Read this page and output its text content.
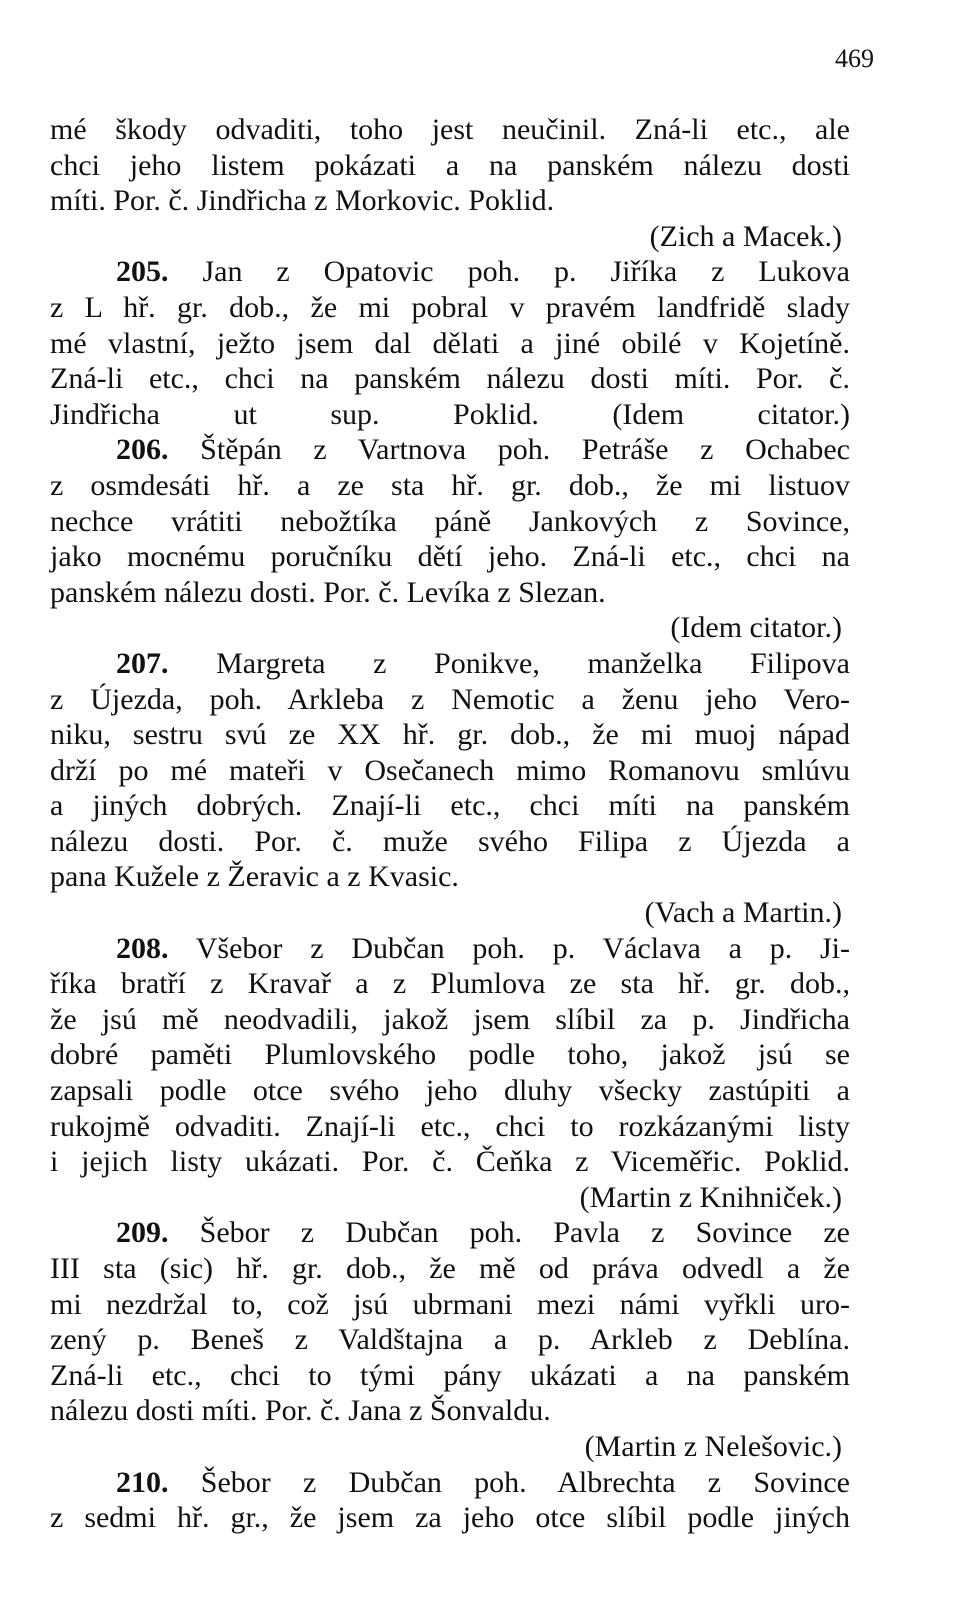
469
mé škody odvaditi, toho jest neučinil. Zná-li etc., ale
chci jeho listem pokázati a na panském nálezu dosti
míti. Por. č. Jindřicha z Morkovic. Poklid.
(Zich a Macek.)
205. Jan z Opatovic poh. p. Jiříka z Lukova
z L hř. gr. dob., že mi pobral v pravém landfridě slady
mé vlastní, ježto jsem dal dělati a jiné obilé v Kojetíně.
Zná-li etc., chci na panském nálezu dosti míti. Por. č.
Jindřicha ut sup. Poklid. (Idem citator.)
206. Štěpán z Vartnova poh. Petráše z Ochabec
z osmdesáti hř. a ze sta hř. gr. dob., že mi listuov
nechce vrátiti nebožtíka páně Jankových z Sovince,
jako mocnému poručníku dětí jeho. Zná-li etc., chci na
panském nálezu dosti. Por. č. Levíka z Slezan.
(Idem citator.)
207. Margreta z Ponikve, manželka Filipova
z Újezda, poh. Arkleba z Nemotic a ženu jeho Vero-
niku, sestru svú ze XX hř. gr. dob., že mi muoj nápad
drží po mé mateři v Osečanech mimo Romanovu smlúvu
a jiných dobrých. Znají-li etc., chci míti na panském
nálezu dosti. Por. č. muže svého Filipa z Újezda a
pana Kužele z Žeravic a z Kvasic.
(Vach a Martin.)
208. Všebor z Dubčan poh. p. Václava a p. Ji-
říka bratří z Kravař a z Plumlova ze sta hř. gr. dob.,
že jsú mě neodvadili, jakož jsem slíbil za p. Jindřicha
dobré paměti Plumlovského podle toho, jakož jsú se
zapsali podle otce svého jeho dluhy všecky zastúpiti a
rukojmě odvaditi. Znají-li etc., chci to rozkázanými listy
i jejich listy ukázati. Por. č. Čeňka z Viceměřic. Poklid.
(Martin z Knihniček.)
209. Šebor z Dubčan poh. Pavla z Sovince ze
III sta (sic) hř. gr. dob., že mě od práva odvedl a že
mi nezdržal to, což jsú ubrmani mezi námi vyřkli uro-
zený p. Beneš z Valdštajna a p. Arkleb z Deblína.
Zná-li etc., chci to tými pány ukázati a na panském
nálezu dosti míti. Por. č. Jana z Šonvaldu.
(Martin z Nelešovic.)
210. Šebor z Dubčan poh. Albrechta z Sovince
z sedmi hř. gr., že jsem za jeho otce slíbil podle jiných
